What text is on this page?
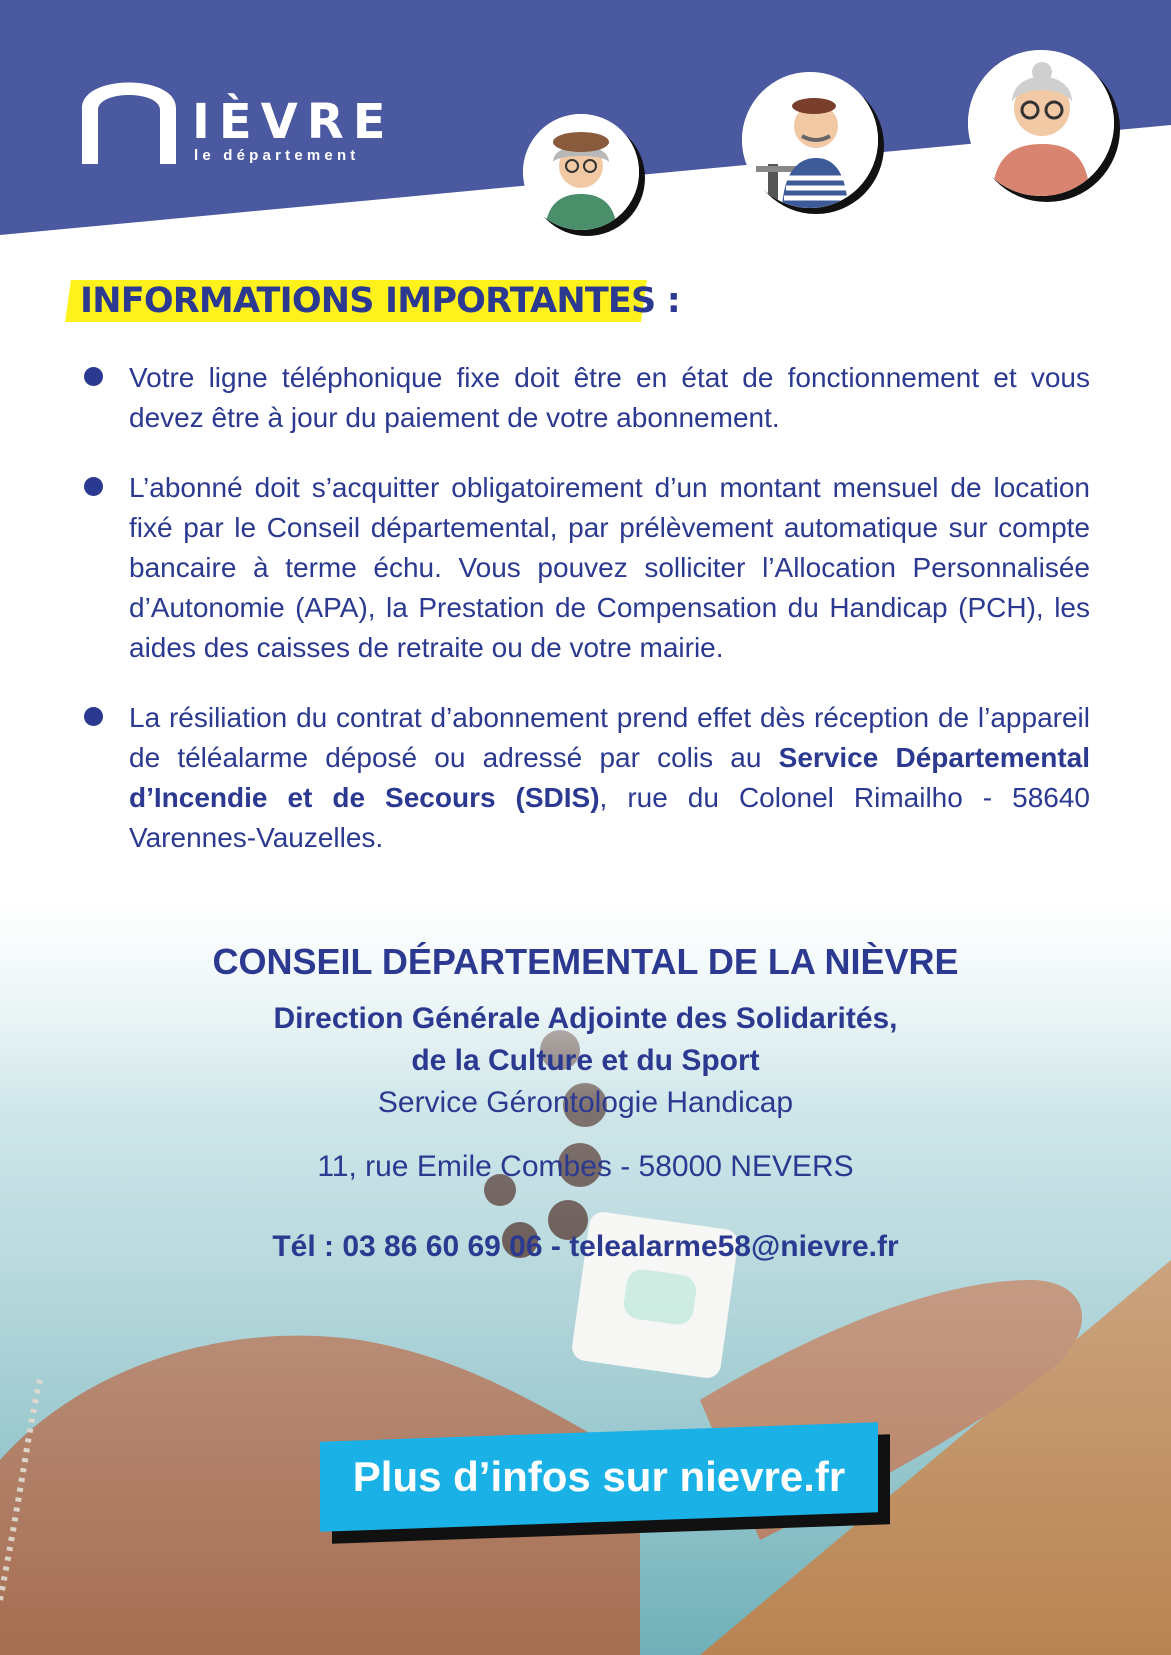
IÈVRE
le département
INFORMATIONS IMPORTANTES :
Votre ligne téléphonique fixe doit être en état de fonctionnement et vous devez être à jour du paiement de votre abonnement.
L’abonné doit s’acquitter obligatoirement d’un montant mensuel de location fixé par le Conseil départemental, par prélèvement automatique sur compte bancaire à terme échu. Vous pouvez solliciter l’Allocation Personnalisée d’Autonomie (APA), la Prestation de Compensation du Handicap (PCH), les aides des caisses de retraite ou de votre mairie.
La résiliation du contrat d’abonnement prend effet dès réception de l’appareil de téléalarme déposé ou adressé par colis au Service Départemental d’Incendie et de Secours (SDIS), rue du Colonel Rimailho - 58640 Varennes-Vauzelles.
CONSEIL DÉPARTEMENTAL DE LA NIÈVRE
Direction Générale Adjointe des Solidarités,
de la Culture et du Sport
Service Gérontologie Handicap
11, rue Emile Combes - 58000 NEVERS
Tél : 03 86 60 69 06 - telealarme58@nievre.fr
Plus d’infos sur nievre.fr
